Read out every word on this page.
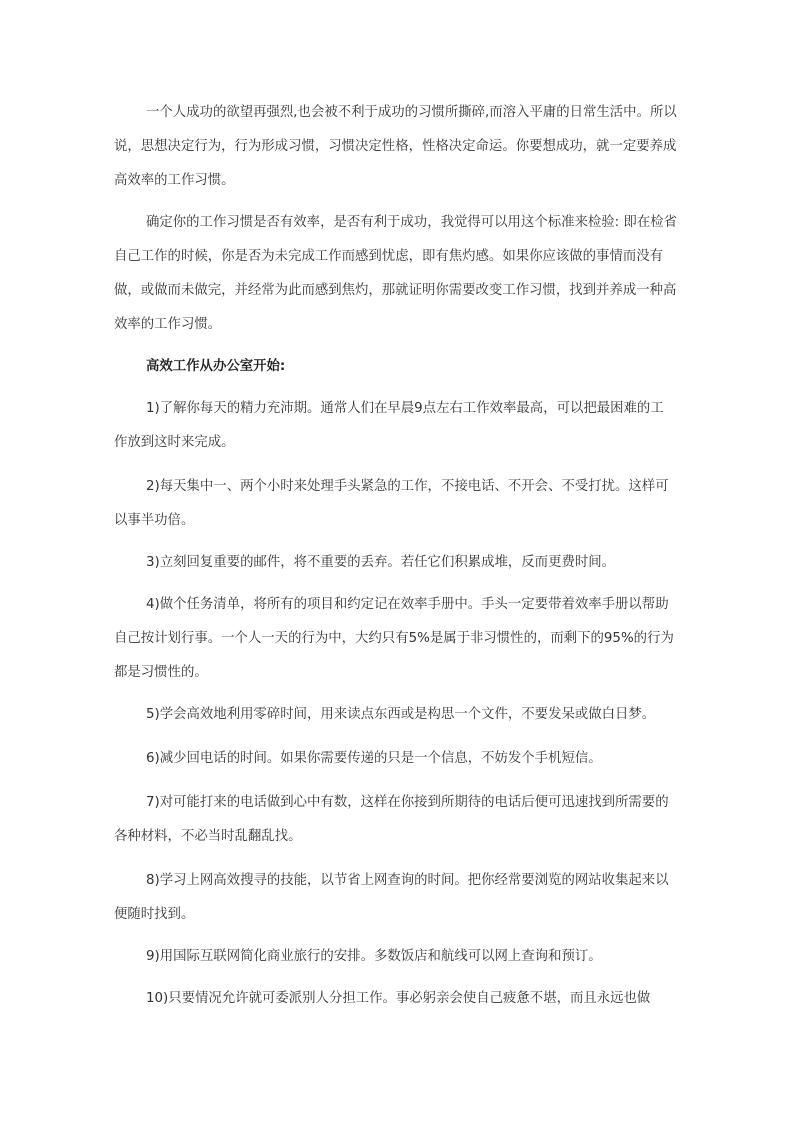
一个人成功的欲望再强烈,也会被不利于成功的习惯所撕碎,而溶入平庸的日常生活中。所以说，思想决定行为，行为形成习惯，习惯决定性格，性格决定命运。你要想成功，就一定要养成高效率的工作习惯。

确定你的工作习惯是否有效率，是否有利于成功，我觉得可以用这个标准来检验: 即在检省自己工作的时候，你是否为未完成工作而感到忧虑，即有焦灼感。如果你应该做的事情而没有做，或做而未做完，并经常为此而感到焦灼，那就证明你需要改变工作习惯，找到并养成一种高效率的工作习惯。

高效工作从办公室开始:

1)了解你每天的精力充沛期。通常人们在早晨9点左右工作效率最高，可以把最困难的工作放到这时来完成。

2)每天集中一、两个小时来处理手头紧急的工作，不接电话、不开会、不受打扰。这样可以事半功倍。

3)立刻回复重要的邮件，将不重要的丢弃。若任它们积累成堆，反而更费时间。

4)做个任务清单，将所有的项目和约定记在效率手册中。手头一定要带着效率手册以帮助自己按计划行事。一个人一天的行为中，大约只有5%是属于非习惯性的，而剩下的95%的行为都是习惯性的。

5)学会高效地利用零碎时间，用来读点东西或是构思一个文件，不要发呆或做白日梦。

6)减少回电话的时间。如果你需要传递的只是一个信息，不妨发个手机短信。

7)对可能打来的电话做到心中有数，这样在你接到所期待的电话后便可迅速找到所需要的各种材料，不必当时乱翻乱找。

8)学习上网高效搜寻的技能，以节省上网查询的时间。把你经常要浏览的网站收集起来以便随时找到。

9)用国际互联网简化商业旅行的安排。多数饭店和航线可以网上查询和预订。

10)只要情况允许就可委派别人分担工作。事必躬亲会使自己疲惫不堪，而且永远也做
